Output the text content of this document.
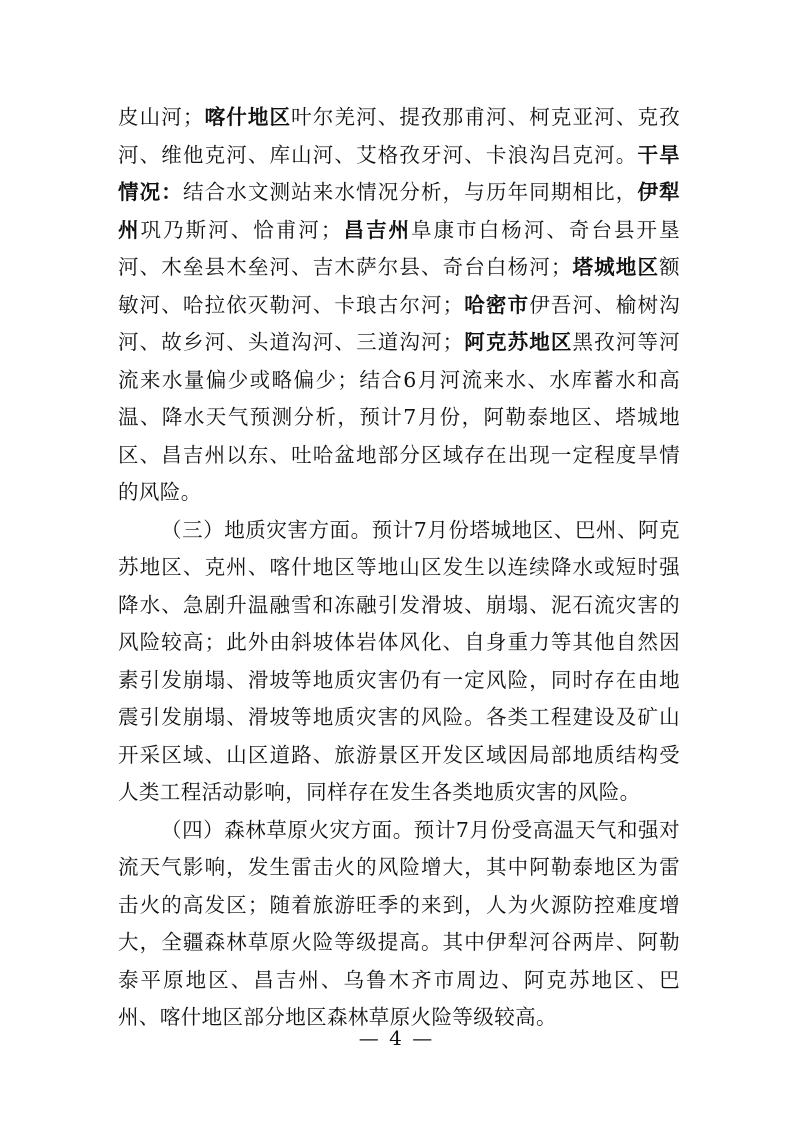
皮山河；喀什地区叶尔羌河、提孜那甫河、柯克亚河、克孜河、维他克河、库山河、艾格孜牙河、卡浪沟吕克河。干旱情况：结合水文测站来水情况分析，与历年同期相比，伊犁州巩乃斯河、恰甫河；昌吉州阜康市白杨河、奇台县开垦河、木垒县木垒河、吉木萨尔县、奇台白杨河；塔城地区额敏河、哈拉依灭勒河、卡琅古尔河；哈密市伊吾河、榆树沟河、故乡河、头道沟河、三道沟河；阿克苏地区黑孜河等河流来水量偏少或略偏少；结合6月河流来水、水库蓄水和高温、降水天气预测分析，预计7月份，阿勒泰地区、塔城地区、昌吉州以东、吐哈盆地部分区域存在出现一定程度旱情的风险。

（三）地质灾害方面。预计7月份塔城地区、巴州、阿克苏地区、克州、喀什地区等地山区发生以连续降水或短时强降水、急剧升温融雪和冻融引发滑坡、崩塌、泥石流灾害的风险较高；此外由斜坡体岩体风化、自身重力等其他自然因素引发崩塌、滑坡等地质灾害仍有一定风险，同时存在由地震引发崩塌、滑坡等地质灾害的风险。各类工程建设及矿山开采区域、山区道路、旅游景区开发区域因局部地质结构受人类工程活动影响，同样存在发生各类地质灾害的风险。

（四）森林草原火灾方面。预计7月份受高温天气和强对流天气影响，发生雷击火的风险增大，其中阿勒泰地区为雷击火的高发区；随着旅游旺季的来到，人为火源防控难度增大，全疆森林草原火险等级提高。其中伊犁河谷两岸、阿勒泰平原地区、昌吉州、乌鲁木齐市周边、阿克苏地区、巴州、喀什地区部分地区森林草原火险等级较高。

— 4 —
